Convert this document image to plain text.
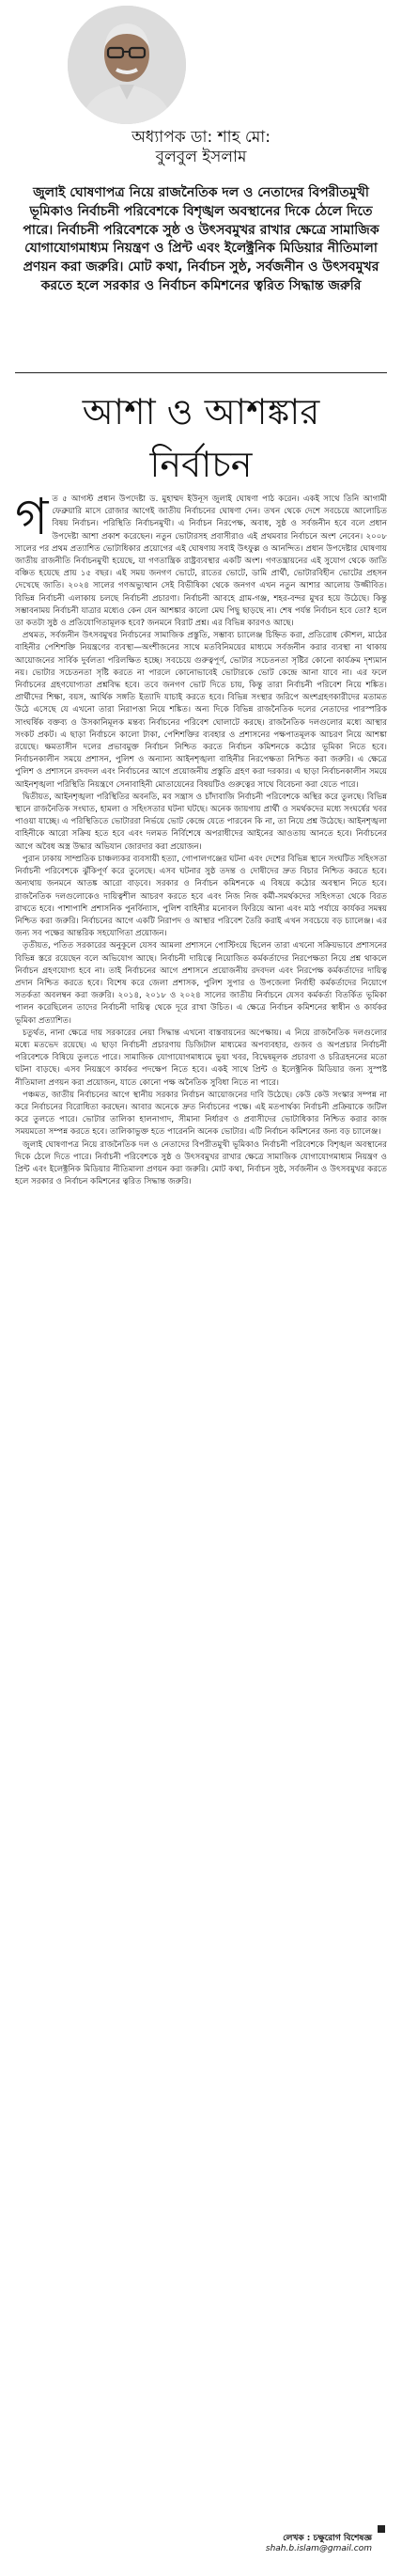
অধ্যাপক ডা: শাহ মো:
বুলবুল ইসলাম
জুলাই ঘোষণাপত্র নিয়ে রাজনৈতিক দল ও নেতাদের বিপরীতমুখী ভূমিকাও নির্বাচনী পরিবেশকে বিশৃঙ্খল অবস্থানের দিকে ঠেলে দিতে পারে। নির্বাচনী পরিবেশকে সুষ্ঠ ও উৎসবমুখর রাখার ক্ষেত্রে সামাজিক যোগাযোগমাধ্যম নিয়ন্ত্রণ ও প্রিন্ট এবং ইলেক্ট্রনিক মিডিয়ার নীতিমালা প্রণয়ন করা জরুরি। মোট কথা, নির্বাচন সুষ্ঠ, সর্বজনীন ও উৎসবমুখর করতে হলে সরকার ও নির্বাচন কমিশনের ত্বরিত সিদ্ধান্ত জরুরি
আশা ও আশঙ্কার
নির্বাচন
গ ত ৫ আগস্ট প্রধান উপদেষ্টা ড. মুহাম্মদ ইউনূস জুলাই ঘোষণা পাঠ করেন। একই সাথে তিনি আগামী ফেব্রুয়ারি মাসে রোজার আগেই জাতীয় নির্বাচনের ঘোষণা দেন। তখন থেকে দেশে সবচেয়ে আলোচিত বিষয় নির্বাচন। পরিস্থিতি নির্বাচনমুখী। এ নির্বাচন নিরপেক্ষ, অবাধ, সুষ্ঠ ও সর্বজনীন হবে বলে প্রধান উপদেষ্টা আশা প্রকাশ করেছেন। নতুন ভোটারসহ প্রবাসীরাও এই প্রথমবার নির্বাচনে অংশ নেবেন। ২০০৮ সালের পর প্রথম প্রত্যাশিত ভোটাধিকার প্রয়োগের এই ঘোষণায় সবাই উৎফুল্ল ও আনন্দিত। প্রধান উপদেষ্টার ঘোষণায় জাতীয় রাজনীতি নির্বাচনমুখী হয়েছে, যা গণতান্ত্রিক রাষ্ট্রব্যবস্থার একটি অংশ। গণতন্ত্রায়নের এই সুযোগ থেকে জাতি বঞ্চিত হয়েছে প্রায় ১৫ বছর। এই সময় জনগণ ভোটে, রাতের ভোটে, ডামি প্রার্থী, ভোটারবিহীন ভোটের প্রহসন দেখেছে জাতি। ২০২৪ সালের গণঅভ্যুত্থান সেই বিভীষিকা থেকে জনগণ এখন নতুন আশার আলোয় উজ্জীবিত। বিভিন্ন নির্বাচনী এলাকায় চলছে নির্বাচনী প্রচারণা। নির্বাচনী আবহে গ্রাম-গঞ্জ, শহর-বন্দর মুখর হয়ে উঠেছে। কিন্তু সম্ভাবনাময় নির্বাচনী যাত্রার মধ্যেও কেন যেন আশঙ্কার কালো মেঘ পিছু ছাড়ছে না। শেষ পর্যন্ত নির্বাচন হবে তো? হলে তা কতটা সুষ্ঠ ও প্রতিযোগিতামূলক হবে? জনমনে বিরাট প্রশ্ন। এর বিভিন্ন কারণও আছে।

প্রথমত, সর্বজনীন উৎসবমুখর নির্বাচনের সামাজিক প্রস্তুতি, সম্ভাব্য চ্যালেঞ্জ চিহ্নিত করা, প্রতিরোধ কৌশল, মাঠের বাহিনীর পেশিশক্তি নিয়ন্ত্রণের ব্যবস্থা—অংশীজনের সাথে মতবিনিময়ের মাধ্যমে সর্বজনীন করার ব্যবস্থা না থাকায় আয়োজনের সার্বিক দুর্বলতা পরিলক্ষিত হচ্ছে। সবচেয়ে গুরুত্বপূর্ণ, ভোটার সচেতনতা সৃষ্টির কোনো কার্যক্রম দৃশ্যমান নয়। ভোটার সচেতনতা সৃষ্টি করতে না পারলে কোনোভাবেই ভোটারকে ভোট কেন্দ্রে আনা যাবে না। এর ফলে নির্বাচনের গ্রহণযোগ্যতা প্রশ্নবিদ্ধ হবে। তবে জনগণ ভোট দিতে চায়, কিন্তু তারা নির্বাচনী পরিবেশ নিয়ে শঙ্কিত। প্রার্থীদের শিক্ষা, বয়স, আর্থিক সঙ্গতি ইত্যাদি যাচাই করতে হবে। বিভিন্ন সংস্থার জরিপে অংশগ্রহণকারীদের মতামত উঠে এসেছে যে এখনো তারা নিরাপত্তা নিয়ে শঙ্কিত। অন্য দিকে বিভিন্ন রাজনৈতিক দলের নেতাদের পারস্পরিক সাংঘর্ষিক বক্তব্য ও উসকানিমূলক মন্তব্য নির্বাচনের পরিবেশ ঘোলাটে করছে। রাজনৈতিক দলগুলোর মধ্যে আস্থার সংকট প্রকট। এ ছাড়া নির্বাচনে কালো টাকা, পেশিশক্তির ব্যবহার ও প্রশাসনের পক্ষপাতমূলক আচরণ নিয়ে আশঙ্কা রয়েছে। ক্ষমতাসীন দলের প্রভাবমুক্ত নির্বাচন নিশ্চিত করতে নির্বাচন কমিশনকে কঠোর ভূমিকা নিতে হবে। নির্বাচনকালীন সময়ে প্রশাসন, পুলিশ ও অন্যান্য আইনশৃঙ্খলা বাহিনীর নিরপেক্ষতা নিশ্চিত করা জরুরি। এ ক্ষেত্রে পুলিশ ও প্রশাসনে রদবদল এবং নির্বাচনের আগে প্রয়োজনীয় প্রস্তুতি গ্রহণ করা দরকার। এ ছাড়া নির্বাচনকালীন সময়ে আইনশৃঙ্খলা পরিস্থিতি নিয়ন্ত্রণে সেনাবাহিনী মোতায়েনের বিষয়টিও গুরুত্বের সাথে বিবেচনা করা যেতে পারে।

দ্বিতীয়ত, আইনশৃঙ্খলা পরিস্থিতির অবনতি, মব সন্ত্রাস ও চাঁদাবাজি নির্বাচনী পরিবেশকে অস্থির করে তুলছে। বিভিন্ন স্থানে রাজনৈতিক সংঘাত, হামলা ও সহিংসতার ঘটনা ঘটছে। অনেক জায়গায় প্রার্থী ও সমর্থকদের মধ্যে সংঘর্ষের খবর পাওয়া যাচ্ছে। এ পরিস্থিতিতে ভোটাররা নির্ভয়ে ভোট কেন্দ্রে যেতে পারবেন কি না, তা নিয়ে প্রশ্ন উঠেছে। আইনশৃঙ্খলা বাহিনীকে আরো সক্রিয় হতে হবে এবং দলমত নির্বিশেষে অপরাধীদের আইনের আওতায় আনতে হবে। নির্বাচনের আগে অবৈধ অস্ত্র উদ্ধার অভিযান জোরদার করা প্রয়োজন।

পুরান ঢাকায় সাম্প্রতিক চাঞ্চল্যকর ব্যবসায়ী হত্যা, গোপালগঞ্জের ঘটনা এবং দেশের বিভিন্ন স্থানে সংঘটিত সহিংসতা নির্বাচনী পরিবেশকে ঝুঁকিপূর্ণ করে তুলেছে। এসব ঘটনার সুষ্ঠ তদন্ত ও দোষীদের দ্রুত বিচার নিশ্চিত করতে হবে। অন্যথায় জনমনে আতঙ্ক আরো বাড়বে। সরকার ও নির্বাচন কমিশনকে এ বিষয়ে কঠোর অবস্থান নিতে হবে। রাজনৈতিক দলগুলোকেও দায়িত্বশীল আচরণ করতে হবে এবং নিজ নিজ কর্মী-সমর্থকদের সহিংসতা থেকে বিরত রাখতে হবে। পাশাপাশি প্রশাসনিক পুনর্বিন্যাস, পুলিশ বাহিনীর মনোবল ফিরিয়ে আনা এবং মাঠ পর্যায়ে কার্যকর সমন্বয় নিশ্চিত করা জরুরি। নির্বাচনের আগে একটি নিরাপদ ও আস্থার পরিবেশ তৈরি করাই এখন সবচেয়ে বড় চ্যালেঞ্জ। এর জন্য সব পক্ষের আন্তরিক সহযোগিতা প্রয়োজন।

তৃতীয়ত, পতিত সরকারের অনুকূলে যেসব আমলা প্রশাসনে পোস্টিংয়ে ছিলেন তারা এখনো সক্রিয়ভাবে প্রশাসনের বিভিন্ন স্তরে রয়েছেন বলে অভিযোগ আছে। নির্বাচনী দায়িত্বে নিয়োজিত কর্মকর্তাদের নিরপেক্ষতা নিয়ে প্রশ্ন থাকলে নির্বাচন গ্রহণযোগ্য হবে না। তাই নির্বাচনের আগে প্রশাসনে প্রয়োজনীয় রদবদল এবং নিরপেক্ষ কর্মকর্তাদের দায়িত্ব প্রদান নিশ্চিত করতে হবে। বিশেষ করে জেলা প্রশাসক, পুলিশ সুপার ও উপজেলা নির্বাহী কর্মকর্তাদের নিয়োগে সতর্কতা অবলম্বন করা জরুরি। ২০১৪, ২০১৮ ও ২০২৪ সালের জাতীয় নির্বাচনে যেসব কর্মকর্তা বিতর্কিত ভূমিকা পালন করেছিলেন তাদের নির্বাচনী দায়িত্ব থেকে দূরে রাখা উচিত। এ ক্ষেত্রে নির্বাচন কমিশনের স্বাধীন ও কার্যকর ভূমিকা প্রত্যাশিত।

চতুর্থত, নানা ক্ষেত্রে দায় সরকারের নেয়া সিদ্ধান্ত এখনো বাস্তবায়নের অপেক্ষায়। এ নিয়ে রাজনৈতিক দলগুলোর মধ্যে মতভেদ রয়েছে। এ ছাড়া নির্বাচনী প্রচারণায় ডিজিটাল মাধ্যমের অপব্যবহার, গুজব ও অপপ্রচার নির্বাচনী পরিবেশকে বিষিয়ে তুলতে পারে। সামাজিক যোগাযোগমাধ্যমে ভুয়া খবর, বিদ্বেষমূলক প্রচারণা ও চরিত্রহননের মতো ঘটনা বাড়ছে। এসব নিয়ন্ত্রণে কার্যকর পদক্ষেপ নিতে হবে। একই সাথে প্রিন্ট ও ইলেক্ট্রনিক মিডিয়ার জন্য সুস্পষ্ট নীতিমালা প্রণয়ন করা প্রয়োজন, যাতে কোনো পক্ষ অনৈতিক সুবিধা নিতে না পারে।

পঞ্চমত, জাতীয় নির্বাচনের আগে স্থানীয় সরকার নির্বাচন আয়োজনের দাবি উঠেছে। কেউ কেউ সংস্কার সম্পন্ন না করে নির্বাচনের বিরোধিতা করছেন। আবার অনেকে দ্রুত নির্বাচনের পক্ষে। এই মতপার্থক্য নির্বাচনী প্রক্রিয়াকে জটিল করে তুলতে পারে। ভোটার তালিকা হালনাগাদ, সীমানা নির্ধারণ ও প্রবাসীদের ভোটাধিকার নিশ্চিত করার কাজ সময়মতো সম্পন্ন করতে হবে। তালিকাভুক্ত হতে পারেননি অনেক ভোটার। এটি নির্বাচন কমিশনের জন্য বড় চ্যালেঞ্জ।

জুলাই ঘোষণাপত্র নিয়ে রাজনৈতিক দল ও নেতাদের বিপরীতমুখী ভূমিকাও নির্বাচনী পরিবেশকে বিশৃঙ্খল অবস্থানের দিকে ঠেলে দিতে পারে। নির্বাচনী পরিবেশকে সুষ্ঠ ও উৎসবমুখর রাখার ক্ষেত্রে সামাজিক যোগাযোগমাধ্যম নিয়ন্ত্রণ ও প্রিন্ট এবং ইলেক্ট্রনিক মিডিয়ার নীতিমালা প্রণয়ন করা জরুরি। মোট কথা, নির্বাচন সুষ্ঠ, সর্বজনীন ও উৎসবমুখর করতে হলে সরকার ও নির্বাচন কমিশনের ত্বরিত সিদ্ধান্ত জরুরি।

লেখক : চক্ষুরোগ বিশেষজ্ঞ
shah.b.islam@gmail.com
